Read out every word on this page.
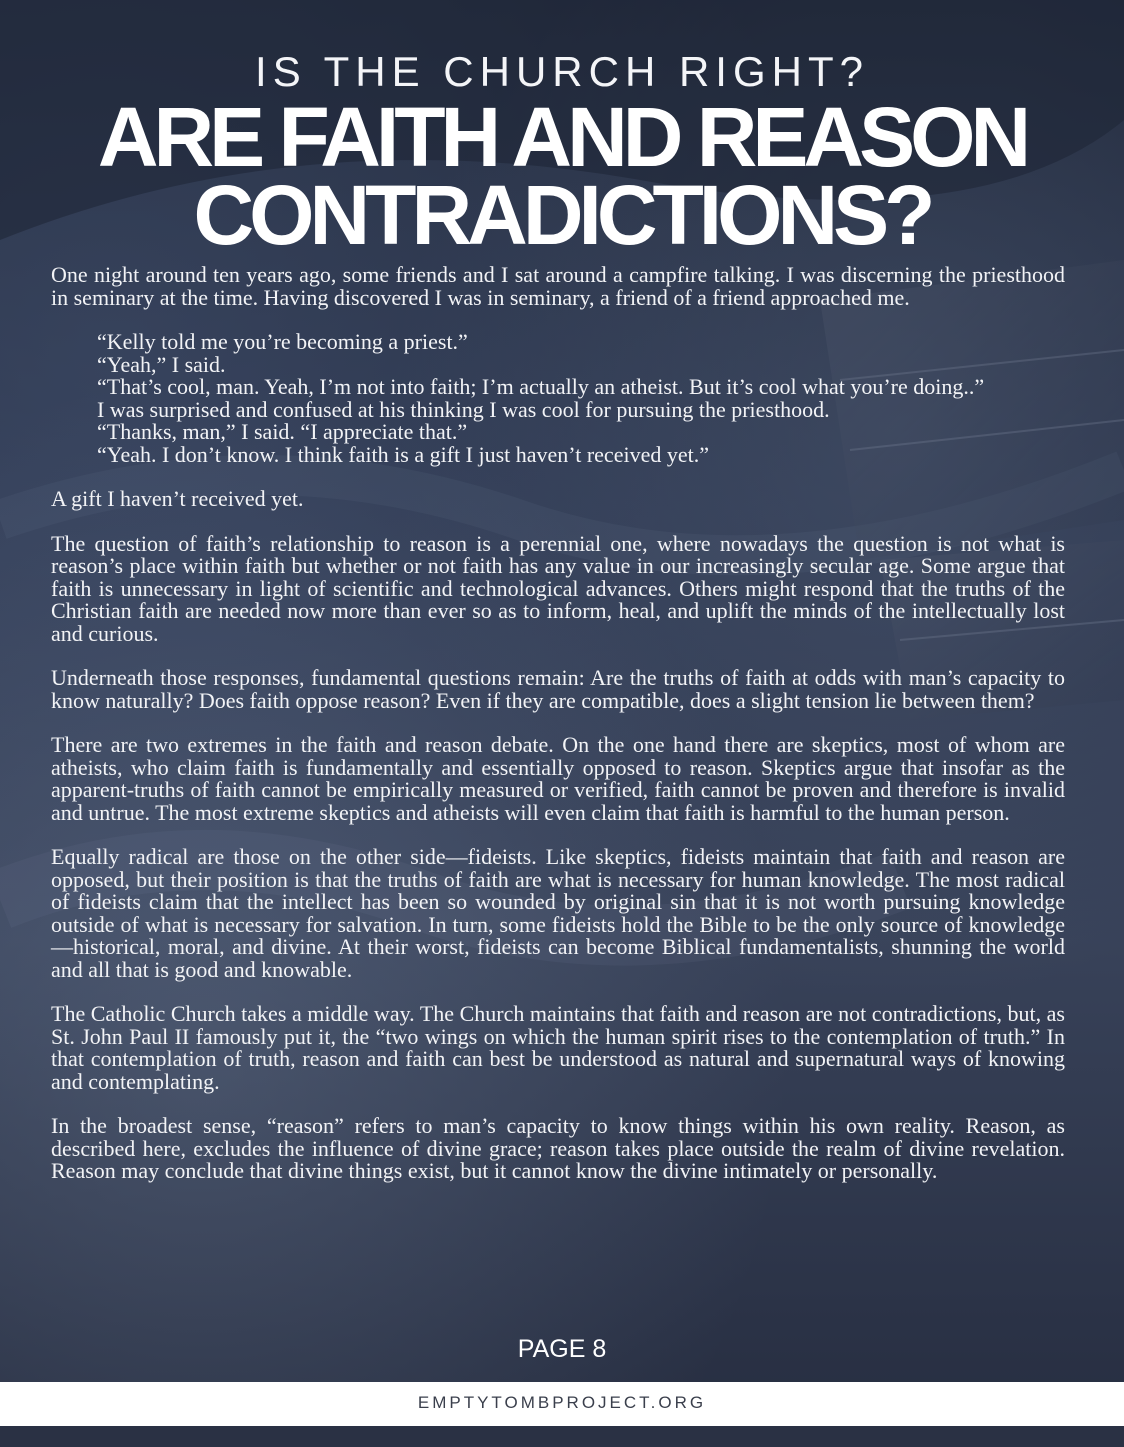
IS THE CHURCH RIGHT?
ARE FAITH AND REASON CONTRADICTIONS?

One night around ten years ago, some friends and I sat around a campfire talking. I was discerning the priesthood in seminary at the time. Having discovered I was in seminary, a friend of a friend approached me.

“Kelly told me you’re becoming a priest.”
“Yeah,” I said.
“That’s cool, man. Yeah, I’m not into faith; I’m actually an atheist. But it’s cool what you’re doing..”
I was surprised and confused at his thinking I was cool for pursuing the priesthood.
“Thanks, man,” I said. “I appreciate that.”
“Yeah. I don’t know. I think faith is a gift I just haven’t received yet.”

A gift I haven’t received yet.

The question of faith’s relationship to reason is a perennial one, where nowadays the question is not what is reason’s place within faith but whether or not faith has any value in our increasingly secular age. Some argue that faith is unnecessary in light of scientific and technological advances. Others might respond that the truths of the Christian faith are needed now more than ever so as to inform, heal, and uplift the minds of the intellectually lost and curious.

Underneath those responses, fundamental questions remain: Are the truths of faith at odds with man’s capacity to know naturally? Does faith oppose reason? Even if they are compatible, does a slight tension lie between them?

There are two extremes in the faith and reason debate. On the one hand there are skeptics, most of whom are atheists, who claim faith is fundamentally and essentially opposed to reason. Skeptics argue that insofar as the apparent-truths of faith cannot be empirically measured or verified, faith cannot be proven and therefore is invalid and untrue. The most extreme skeptics and atheists will even claim that faith is harmful to the human person.

Equally radical are those on the other side—fideists. Like skeptics, fideists maintain that faith and reason are opposed, but their position is that the truths of faith are what is necessary for human knowledge. The most radical of fideists claim that the intellect has been so wounded by original sin that it is not worth pursuing knowledge outside of what is necessary for salvation. In turn, some fideists hold the Bible to be the only source of knowledge—historical, moral, and divine. At their worst, fideists can become Biblical fundamentalists, shunning the world and all that is good and knowable.

The Catholic Church takes a middle way. The Church maintains that faith and reason are not contradictions, but, as St. John Paul II famously put it, the “two wings on which the human spirit rises to the contemplation of truth.” In that contemplation of truth, reason and faith can best be understood as natural and supernatural ways of knowing and contemplating.

In the broadest sense, “reason” refers to man’s capacity to know things within his own reality. Reason, as described here, excludes the influence of divine grace; reason takes place outside the realm of divine revelation. Reason may conclude that divine things exist, but it cannot know the divine intimately or personally.

PAGE 8
EMPTYTOMBPROJECT.ORG
